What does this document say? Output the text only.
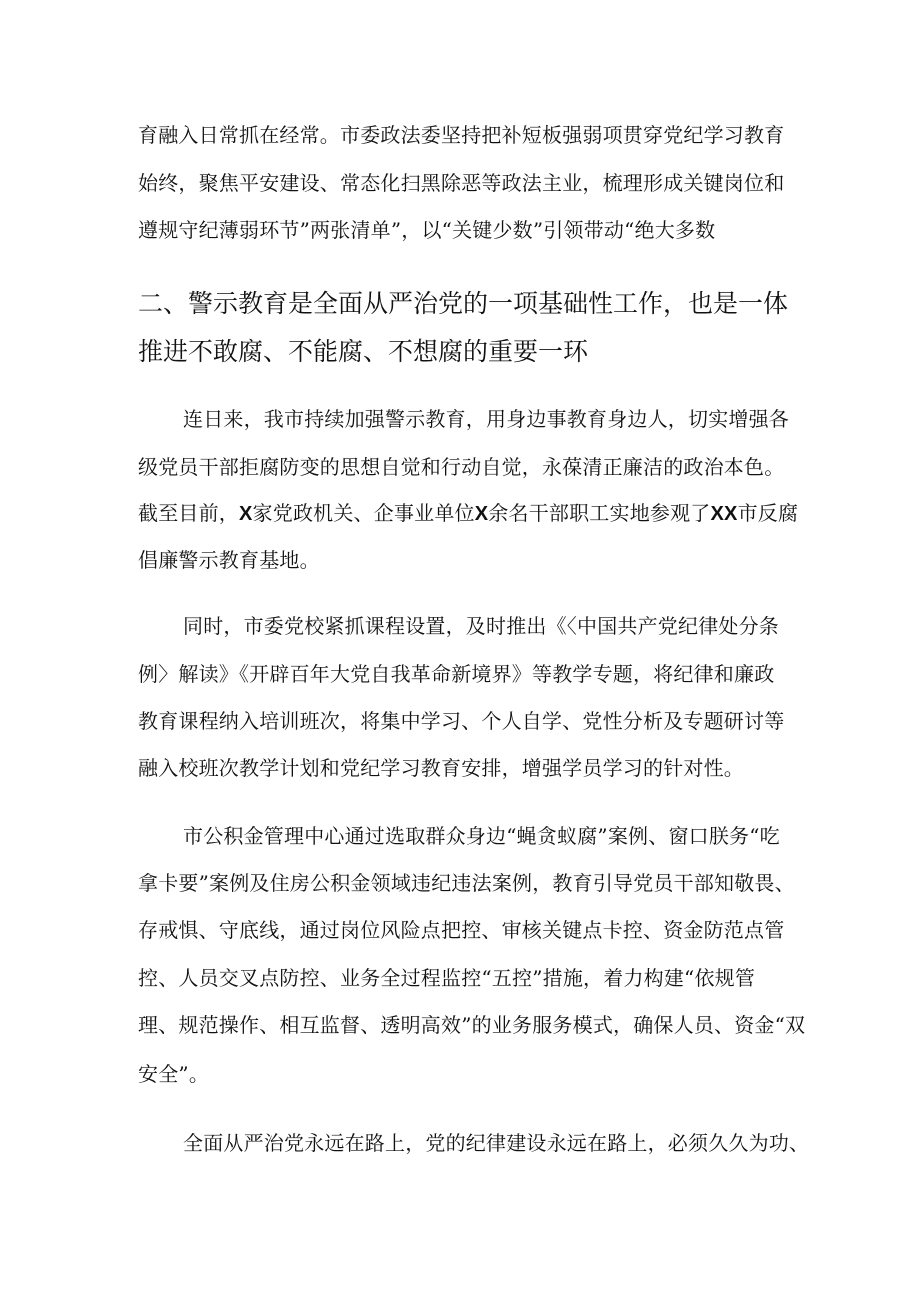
育融入日常抓在经常。市委政法委坚持把补短板强弱项贯穿党纪学习教育
始终，聚焦平安建设、常态化扫黑除恶等政法主业，梳理形成关键岗位和
遵规守纪薄弱环节”两张清单”，以“关键少数”引领带动“绝大多数
二、警示教育是全面从严治党的一项基础性工作，也是一体
推进不敢腐、不能腐、不想腐的重要一环
连日来，我市持续加强警示教育，用身边事教育身边人，切实增强各
级党员干部拒腐防变的思想自觉和行动自觉，永葆清正廉洁的政治本色。
截至目前，X家党政机关、企事业单位X余名干部职工实地参观了XX市反腐
倡廉警示教育基地。
同时，市委党校紧抓课程设置，及时推出《〈中国共产党纪律处分条
例〉解读》《开辟百年大党自我革命新境界》等教学专题，将纪律和廉政
教育课程纳入培训班次，将集中学习、个人自学、党性分析及专题研讨等
融入校班次教学计划和党纪学习教育安排，增强学员学习的针对性。
市公积金管理中心通过选取群众身边“蝇贪蚁腐”案例、窗口朕务“吃
拿卡要”案例及住房公积金领域违纪违法案例，教育引导党员干部知敬畏、
存戒惧、守底线，通过岗位风险点把控、审核关键点卡控、资金防范点管
控、人员交叉点防控、业务全过程监控“五控”措施，着力构建“依规管
理、规范操作、相互监督、透明高效”的业务服务模式，确保人员、资金“双
安全”。
全面从严治党永远在路上，党的纪律建设永远在路上，必须久久为功、
